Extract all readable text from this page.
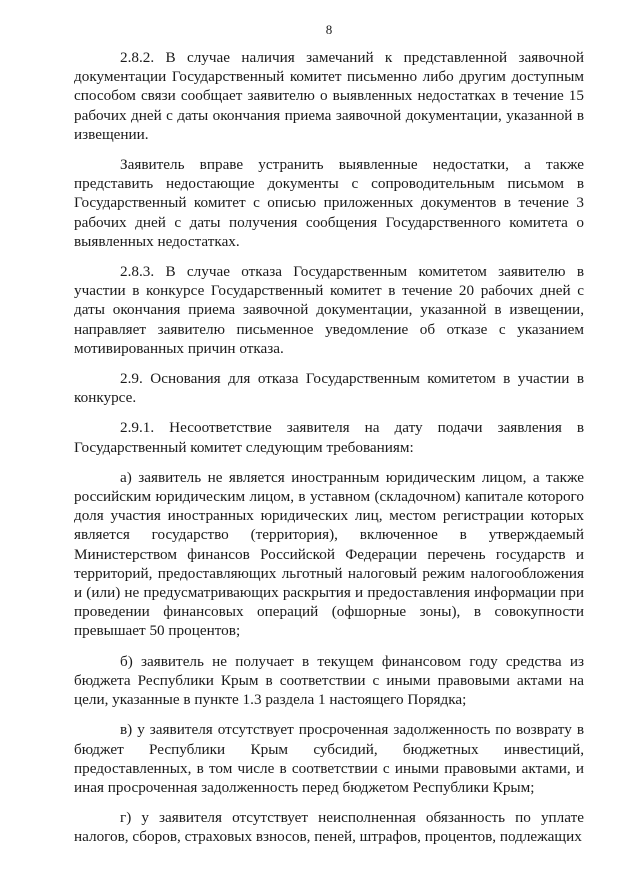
8

2.8.2. В случае наличия замечаний к представленной заявочной документации Государственный комитет письменно либо другим доступным способом связи сообщает заявителю о выявленных недостатках в течение 15 рабочих дней с даты окончания приема заявочной документации, указанной в извещении.

Заявитель вправе устранить выявленные недостатки, а также представить недостающие документы с сопроводительным письмом в Государственный комитет с описью приложенных документов в течение 3 рабочих дней с даты получения сообщения Государственного комитета о выявленных недостатках.

2.8.3. В случае отказа Государственным комитетом заявителю в участии в конкурсе Государственный комитет в течение 20 рабочих дней с даты окончания приема заявочной документации, указанной в извещении, направляет заявителю письменное уведомление об отказе с указанием мотивированных причин отказа.

2.9. Основания для отказа Государственным комитетом в участии в конкурсе.

2.9.1. Несоответствие заявителя на дату подачи заявления в Государственный комитет следующим требованиям:

а) заявитель не является иностранным юридическим лицом, а также российским юридическим лицом, в уставном (складочном) капитале которого доля участия иностранных юридических лиц, местом регистрации которых является государство (территория), включенное в утверждаемый Министерством финансов Российской Федерации перечень государств и территорий, предоставляющих льготный налоговый режим налогообложения и (или) не предусматривающих раскрытия и предоставления информации при проведении финансовых операций (офшорные зоны), в совокупности превышает 50 процентов;

б) заявитель не получает в текущем финансовом году средства из бюджета Республики Крым в соответствии с иными правовыми актами на цели, указанные в пункте 1.3 раздела 1 настоящего Порядка;

в) у заявителя отсутствует просроченная задолженность по возврату в бюджет Республики Крым субсидий, бюджетных инвестиций, предоставленных, в том числе в соответствии с иными правовыми актами, и иная просроченная задолженность перед бюджетом Республики Крым;

г) у заявителя отсутствует неисполненная обязанность по уплате налогов, сборов, страховых взносов, пеней, штрафов, процентов, подлежащих
